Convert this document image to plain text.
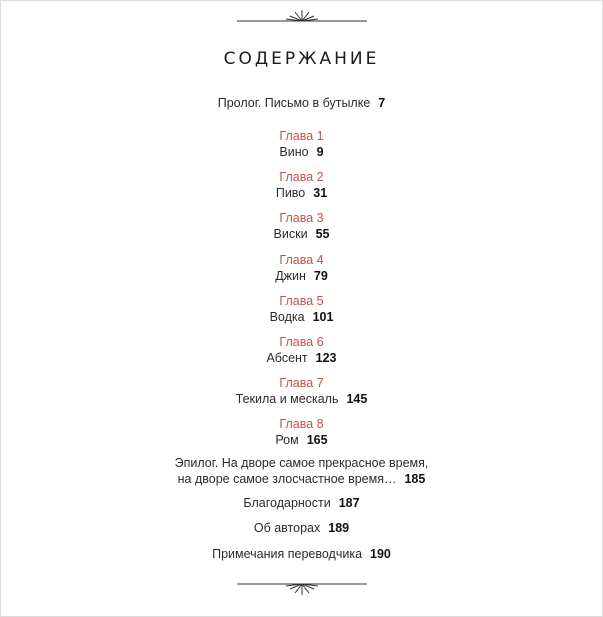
СОДЕРЖАНИЕ
Пролог. Письмо в бутылке 7
Глава 1
Вино 9
Глава 2
Пиво 31
Глава 3
Виски 55
Глава 4
Джин 79
Глава 5
Водка 101
Глава 6
Абсент 123
Глава 7
Текила и мескаль 145
Глава 8
Ром 165
Эпилог. На дворе самое прекрасное время,
на дворе самое злосчастное время… 185
Благодарности 187
Об авторах 189
Примечания переводчика 190
